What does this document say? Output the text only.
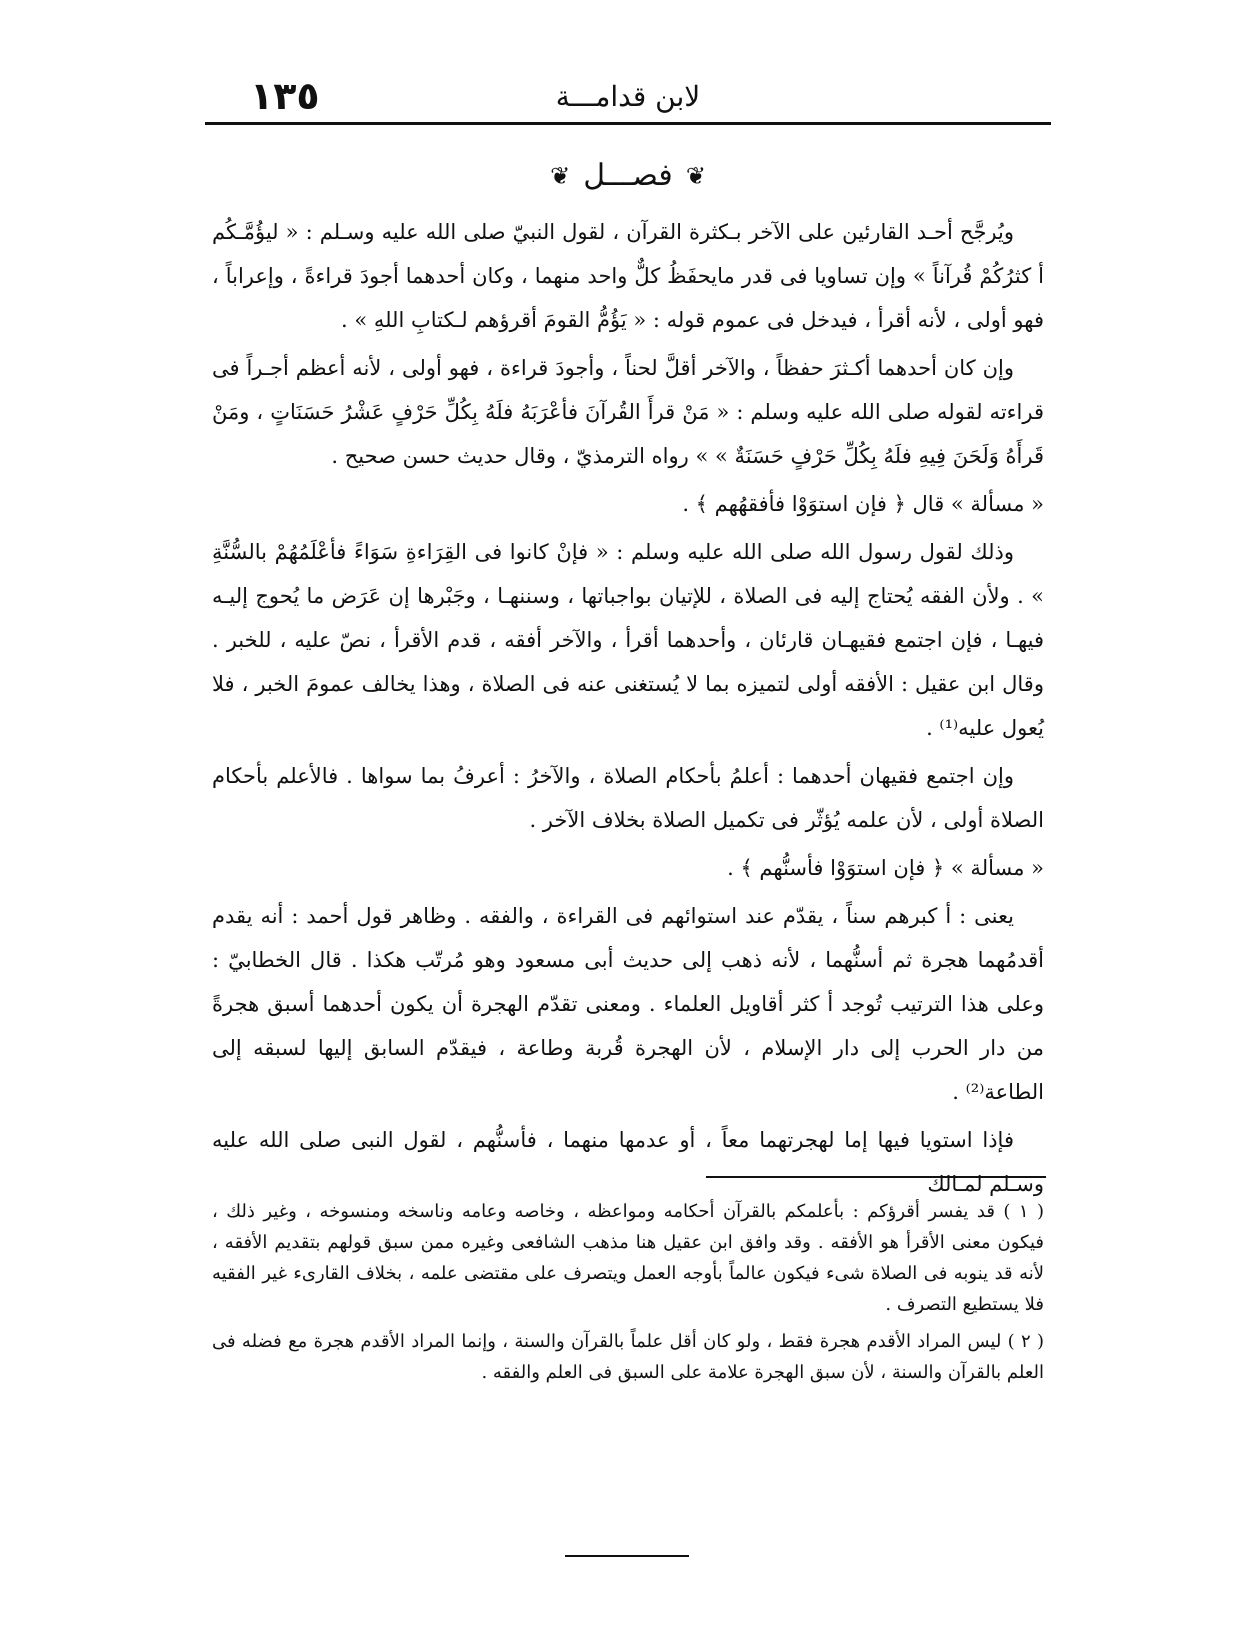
١٣٥	لابن قدامـــة
❦ فصـــل ❦

ويُرجَّح أحـد القارئين على الآخر بـكثرة القرآن ، لقول النبيّ صلى الله عليه وسـلم : « ليؤُمَّـكُم أ كثرُكُمْ قُرآناً » وإن تساويا فى قدر مايحفَظُ كلٌّ واحد منهما ، وكان أحدهما أجودَ قراءةً ، وإعراباً ، فهو أولى ، لأنه أقرأ ، فيدخل فى عموم قوله : « يَؤُمُّ القومَ أقرؤهم لـكتابِ اللهِ » .

وإن كان أحدهما أكـثرَ حفظاً ، والآخر أقلَّ لحناً ، وأجودَ قراءة ، فهو أولى ، لأنه أعظم أجـراً فى قراءته لقوله صلى الله عليه وسلم : « مَنْ قرأَ القُرآنَ فأعْرَبَهُ فلَهُ بِكُلِّ حَرْفٍ عَشْرُ حَسَنَاتٍ ، ومَنْ قَرأَهُ وَلَحَنَ فِيهِ فلَهُ بِكُلِّ حَرْفٍ حَسَنَةٌ » » رواه الترمذيّ ، وقال حديث حسن صحيح .

« مسألة » قال ﴿ فإن استوَوْا فأفقهُهم ﴾ .

وذلك لقول رسول الله صلى الله عليه وسلم : « فإنْ كانوا فى القِرَاءةِ سَوَاءً فأعْلَمُهُمْ بالسُّنَّةِ » . ولأن الفقه يُحتاج إليه فى الصلاة ، للإتيان بواجباتها ، وسننهـا ، وجَبْرها إن عَرَض ما يُحوج إليـه فيهـا ، فإن اجتمع فقيهـان قارئان ، وأحدهما أقرأ ، والآخر أفقه ، قدم الأقرأ ، نصّ عليه ، للخبر . وقال ابن عقيل : الأفقه أولى لتميزه بما لا يُستغنى عنه فى الصلاة ، وهذا يخالف عمومَ الخبر ، فلا يُعول عليه⁽¹⁾ .

وإن اجتمع فقيهان أحدهما : أعلمُ بأحكام الصلاة ، والآخرُ : أعرفُ بما سواها . فالأعلم بأحكام الصلاة أولى ، لأن علمه يُؤثّر فى تكميل الصلاة بخلاف الآخر .

« مسألة » ﴿ فإن استوَوْا فأسنُّهم ﴾ .

يعنى : أ كبرهم سناً ، يقدّم عند استوائهم فى القراءة ، والفقه . وظاهر قول أحمد : أنه يقدم أقدمُهما هجرة ثم أسنُّهما ، لأنه ذهب إلى حديث أبى مسعود وهو مُرتّب هكذا . قال الخطابيّ : وعلى هذا الترتيب تُوجد أ كثر أقاويل العلماء . ومعنى تقدّم الهجرة أن يكون أحدهما أسبق هجرةً من دار الحرب إلى دار الإسلام ، لأن الهجرة قُربة وطاعة ، فيقدّم السابق إليها لسبقه إلى الطاعة⁽²⁾ .

فإذا استويا فيها إما لهجرتهما معاً ، أو عدمها منهما ، فأسنُّهم ، لقول النبى صلى الله عليه وسـلم لمـالك

( ١ ) قد يفسر أقرؤكم : بأعلمكم بالقرآن أحكامه ومواعظه ، وخاصه وعامه وناسخه ومنسوخه ، وغير ذلك ، فيكون معنى الأقرأ هو الأفقه . وقد وافق ابن عقيل هنا مذهب الشافعى وغيره ممن سبق قولهم بتقديم الأفقه ، لأنه قد ينوبه فى الصلاة شىء فيكون عالماً بأوجه العمل ويتصرف على مقتضى علمه ، بخلاف القارىء غير الفقيه فلا يستطيع التصرف .

( ٢ ) ليس المراد الأقدم هجرة فقط ، ولو كان أقل علماً بالقرآن والسنة ، وإنما المراد الأقدم هجرة مع فضله فى العلم بالقرآن والسنة ، لأن سبق الهجرة علامة على السبق فى العلم والفقه .
